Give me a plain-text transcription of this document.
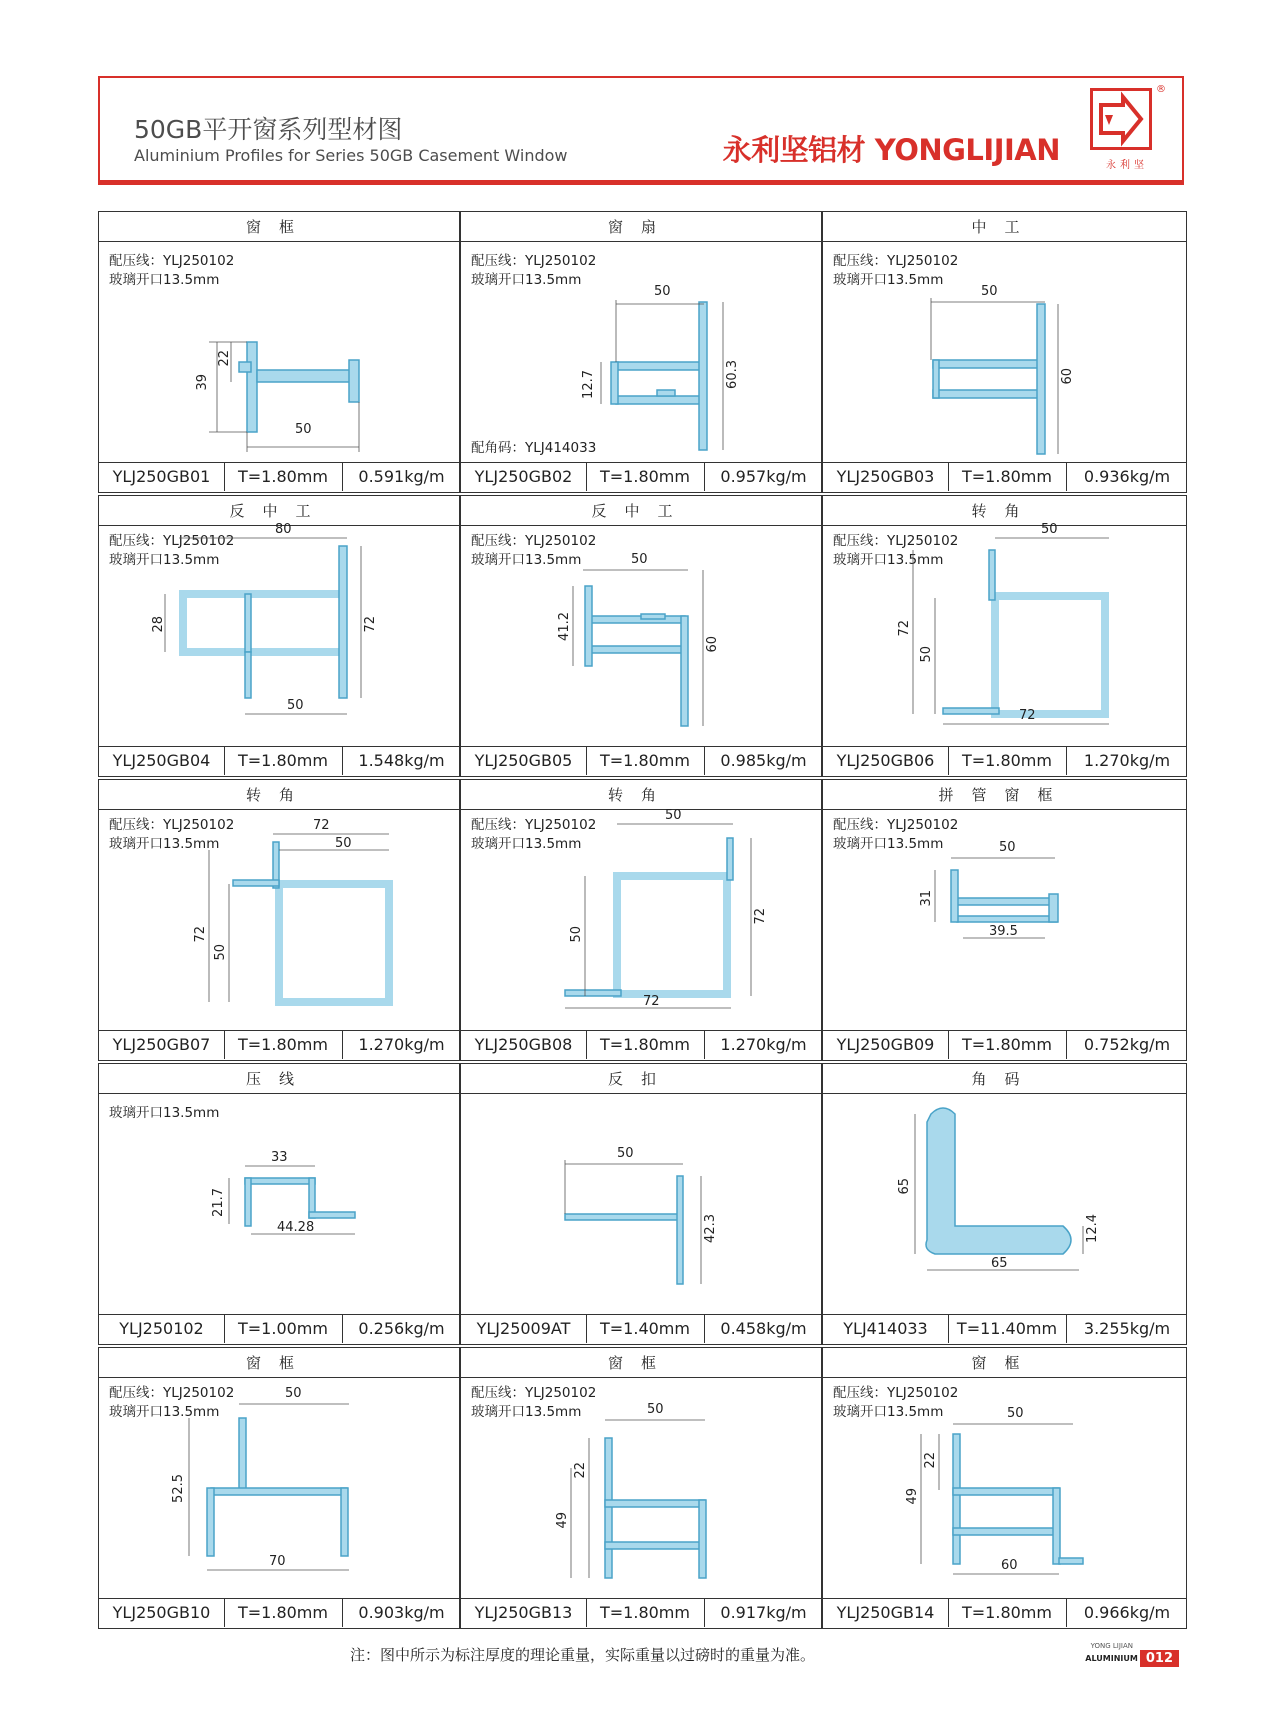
50GB平开窗系列型材图
Aluminium Profiles for Series 50GB Casement Window	永利坚铝材 YONGLIJIAN	永利坚
®
窗框
配压线：YLJ250102
玻璃开口13.5mm
39
22
50
YLJ250GB01	T=1.80mm	0.591kg/m
窗扇
配压线：YLJ250102
玻璃开口13.5mm
配角码：YLJ414033
50
12.7	60.3
YLJ250GB02	T=1.80mm	0.957kg/m
中工
配压线：YLJ250102
玻璃开口13.5mm
50
60
YLJ250GB03	T=1.80mm	0.936kg/m
反中工
配压线：YLJ250102
玻璃开口13.5mm
80
28	72
50
YLJ250GB04	T=1.80mm	1.548kg/m
反中工
配压线：YLJ250102
玻璃开口13.5mm	50
41.2
60
YLJ250GB05	T=1.80mm	0.985kg/m
转角
配压线：YLJ250102
玻璃开口13.5mm
50
72
50
72
YLJ250GB06	T=1.80mm	1.270kg/m
转角
配压线：YLJ250102
玻璃开口13.5mm
72
50
72
50
YLJ250GB07	T=1.80mm	1.270kg/m
转角
配压线：YLJ250102
玻璃开口13.5mm
50
72
50
72
YLJ250GB08	T=1.80mm	1.270kg/m
拼管窗框
配压线：YLJ250102
玻璃开口13.5mm	50
31
39.5
YLJ250GB09	T=1.80mm	0.752kg/m
压线
玻璃开口13.5mm
33
21.7
44.28
YLJ250102	T=1.00mm	0.256kg/m
反扣
50
42.3
YLJ25009AT	T=1.40mm	0.458kg/m
角码
65
12.4
65
YLJ414033	T=11.40mm	3.255kg/m
窗框
配压线：YLJ250102
玻璃开口13.5mm
50
52.5
70
YLJ250GB10	T=1.80mm	0.903kg/m
窗框
配压线：YLJ250102
玻璃开口13.5mm	50
22
49
YLJ250GB13	T=1.80mm	0.917kg/m
窗框
配压线：YLJ250102
玻璃开口13.5mm	50
22
49
60
YLJ250GB14	T=1.80mm	0.966kg/m
注：图中所示为标注厚度的理论重量，实际重量以过磅时的重量为准。	YONG LIJIAN
ALUMINIUM 012
